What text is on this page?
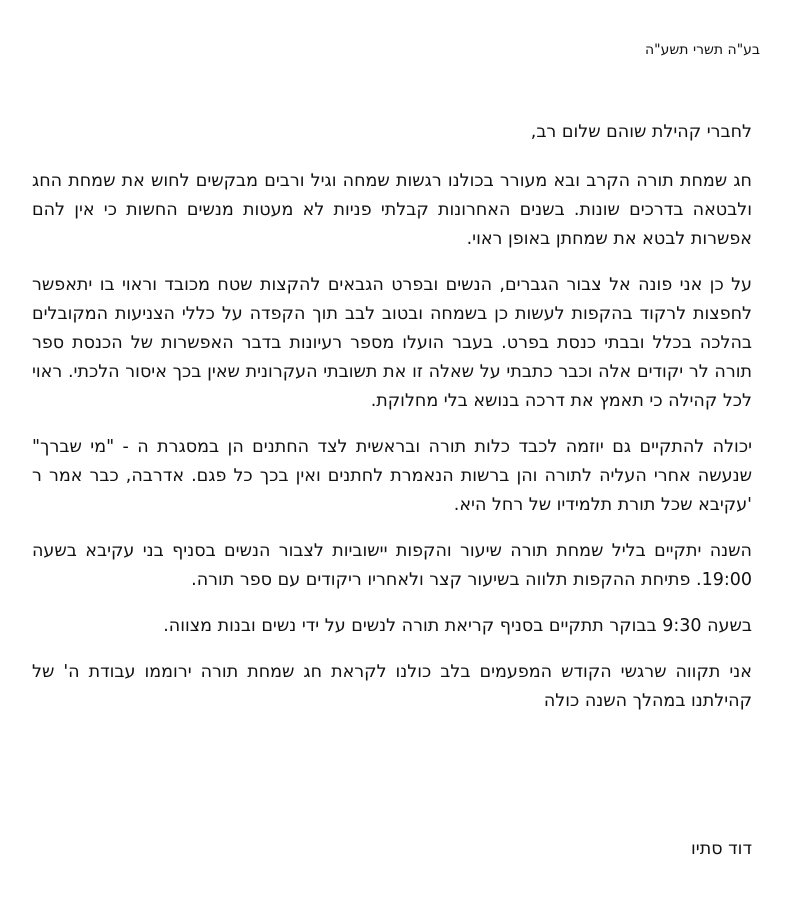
בע"ה תשרי תשע"ה

לחברי קהילת שוהם שלום רב,

חג שמחת תורה הקרב ובא מעורר בכולנו רגשות שמחה וגיל ורבים מבקשים לחוש את שמחת החג ולבטאה בדרכים שונות. בשנים האחרונות קבלתי פניות לא מעטות מנשים החשות כי אין להם אפשרות לבטא את שמחתן באופן ראוי.

על כן אני פונה אל צבור הגברים, הנשים ובפרט הגבאים להקצות שטח מכובד וראוי בו יתאפשר לחפצות לרקוד בהקפות לעשות כן בשמחה ובטוב לבב תוך הקפדה על כללי הצניעות המקובלים בהלכה בכלל ובבתי כנסת בפרט. בעבר הועלו מספר רעיונות בדבר האפשרות של הכנסת ספר תורה לר יקודים אלה וכבר כתבתי על שאלה זו את תשובתי העקרונית שאין בכך איסור הלכתי. ראוי לכל קהילה כי תאמץ את דרכה בנושא בלי מחלוקת.

יכולה להתקיים גם יוזמה לכבד כלות תורה ובראשית לצד החתנים הן במסגרת ה - "מי שברך" שנעשה אחרי העליה לתורה והן ברשות הנאמרת לחתנים ואין בכך כל פגם. אדרבה, כבר אמר ר 'עקיבא שכל תורת תלמידיו של רחל היא.

השנה יתקיים בליל שמחת תורה שיעור והקפות יישוביות לצבור הנשים בסניף בני עקיבא בשעה 19:00. פתיחת ההקפות תלווה בשיעור קצר ולאחריו ריקודים עם ספר תורה.

בשעה 9:30 בבוקר תתקיים בסניף קריאת תורה לנשים על ידי נשים ובנות מצווה.

אני תקווה שרגשי הקודש המפעמים בלב כולנו לקראת חג שמחת תורה ירוממו עבודת ה' של קהילתנו במהלך השנה כולה

דוד סתיו
